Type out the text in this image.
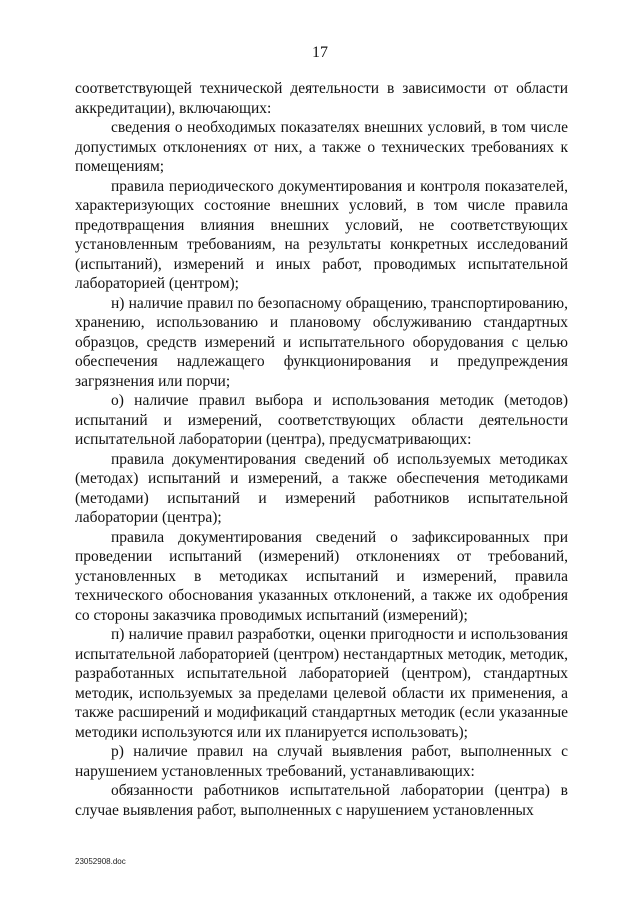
17

соответствующей технической деятельности в зависимости от области аккредитации), включающих:

сведения о необходимых показателях внешних условий, в том числе допустимых отклонениях от них, а также о технических требованиях к помещениям;

правила периодического документирования и контроля показателей, характеризующих состояние внешних условий, в том числе правила предотвращения влияния внешних условий, не соответствующих установленным требованиям, на результаты конкретных исследований (испытаний), измерений и иных работ, проводимых испытательной лабораторией (центром);

н) наличие правил по безопасному обращению, транспортированию, хранению, использованию и плановому обслуживанию стандартных образцов, средств измерений и испытательного оборудования с целью обеспечения надлежащего функционирования и предупреждения загрязнения или порчи;

о) наличие правил выбора и использования методик (методов) испытаний и измерений, соответствующих области деятельности испытательной лаборатории (центра), предусматривающих:

правила документирования сведений об используемых методиках (методах) испытаний и измерений, а также обеспечения методиками (методами) испытаний и измерений работников испытательной лаборатории (центра);

правила документирования сведений о зафиксированных при проведении испытаний (измерений) отклонениях от требований, установленных в методиках испытаний и измерений, правила технического обоснования указанных отклонений, а также их одобрения со стороны заказчика проводимых испытаний (измерений);

п) наличие правил разработки, оценки пригодности и использования испытательной лабораторией (центром) нестандартных методик, методик, разработанных испытательной лабораторией (центром), стандартных методик, используемых за пределами целевой области их применения, а также расширений и модификаций стандартных методик (если указанные методики используются или их планируется использовать);

р) наличие правил на случай выявления работ, выполненных с нарушением установленных требований, устанавливающих:

обязанности работников испытательной лаборатории (центра) в случае выявления работ, выполненных с нарушением установленных

23052908.doc
